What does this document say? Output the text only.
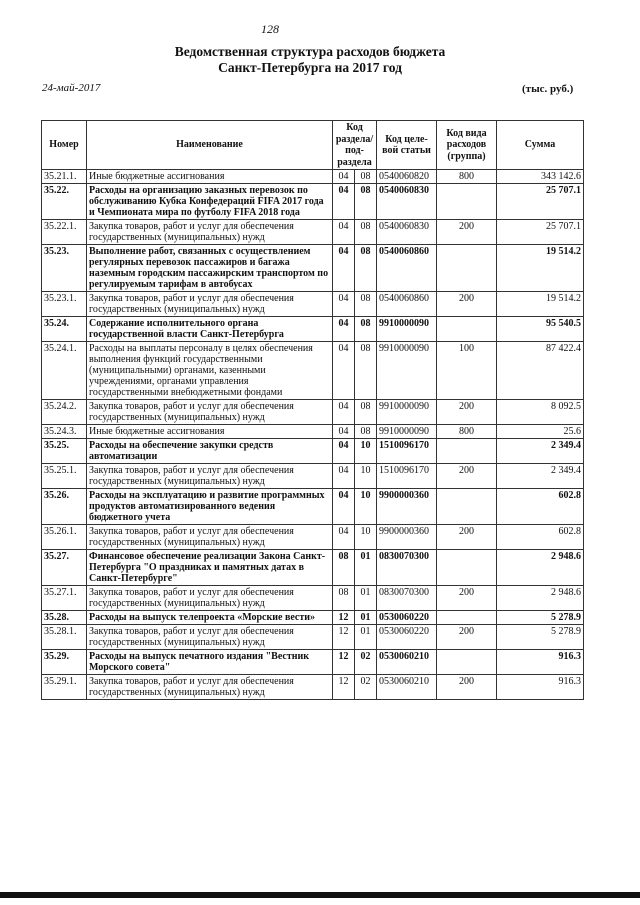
128
Ведомственная структура расходов бюджета
Санкт-Петербурга на 2017 год
24-май-2017	(тыс. руб.)
Номер	Наименование	Код раздела/ под-раздела		Код целе-вой статьи	Код вида расходов (группа)	Сумма
35.21.1.	Иные бюджетные ассигнования	04	08	0540060820	800	343 142.6
35.22.	Расходы на организацию заказных перевозок по обслуживанию Кубка Конфедераций FIFA 2017 года и Чемпионата мира по футболу FIFA 2018 года	04	08	0540060830		25 707.1
35.22.1.	Закупка товаров, работ и услуг для обеспечения государственных (муниципальных) нужд	04	08	0540060830	200	25 707.1
35.23.	Выполнение работ, связанных с осуществлением регулярных перевозок пассажиров и багажа наземным городским пассажирским транспортом по регулируемым тарифам в автобусах	04	08	0540060860		19 514.2
35.23.1.	Закупка товаров, работ и услуг для обеспечения государственных (муниципальных) нужд	04	08	0540060860	200	19 514.2
35.24.	Содержание исполнительного органа государственной власти Санкт-Петербурга	04	08	9910000090		95 540.5
35.24.1.	Расходы на выплаты персоналу в целях обеспечения выполнения функций государственными (муниципальными) органами, казенными учреждениями, органами управления государственными внебюджетными фондами	04	08	9910000090	100	87 422.4
35.24.2.	Закупка товаров, работ и услуг для обеспечения государственных (муниципальных) нужд	04	08	9910000090	200	8 092.5
35.24.3.	Иные бюджетные ассигнования	04	08	9910000090	800	25.6
35.25.	Расходы на обеспечение закупки средств автоматизации	04	10	1510096170		2 349.4
35.25.1.	Закупка товаров, работ и услуг для обеспечения государственных (муниципальных) нужд	04	10	1510096170	200	2 349.4
35.26.	Расходы на эксплуатацию и развитие программных продуктов автоматизированного ведения бюджетного учета	04	10	9900000360		602.8
35.26.1.	Закупка товаров, работ и услуг для обеспечения государственных (муниципальных) нужд	04	10	9900000360	200	602.8
35.27.	Финансовое обеспечение реализации Закона Санкт-Петербурга "О праздниках и памятных датах в Санкт-Петербурге"	08	01	0830070300		2 948.6
35.27.1.	Закупка товаров, работ и услуг для обеспечения государственных (муниципальных) нужд	08	01	0830070300	200	2 948.6
35.28.	Расходы на выпуск телепроекта «Морские вести»	12	01	0530060220		5 278.9
35.28.1.	Закупка товаров, работ и услуг для обеспечения государственных (муниципальных) нужд	12	01	0530060220	200	5 278.9
35.29.	Расходы на выпуск печатного издания "Вестник Морского совета"	12	02	0530060210		916.3
35.29.1.	Закупка товаров, работ и услуг для обеспечения государственных (муниципальных) нужд	12	02	0530060210	200	916.3
